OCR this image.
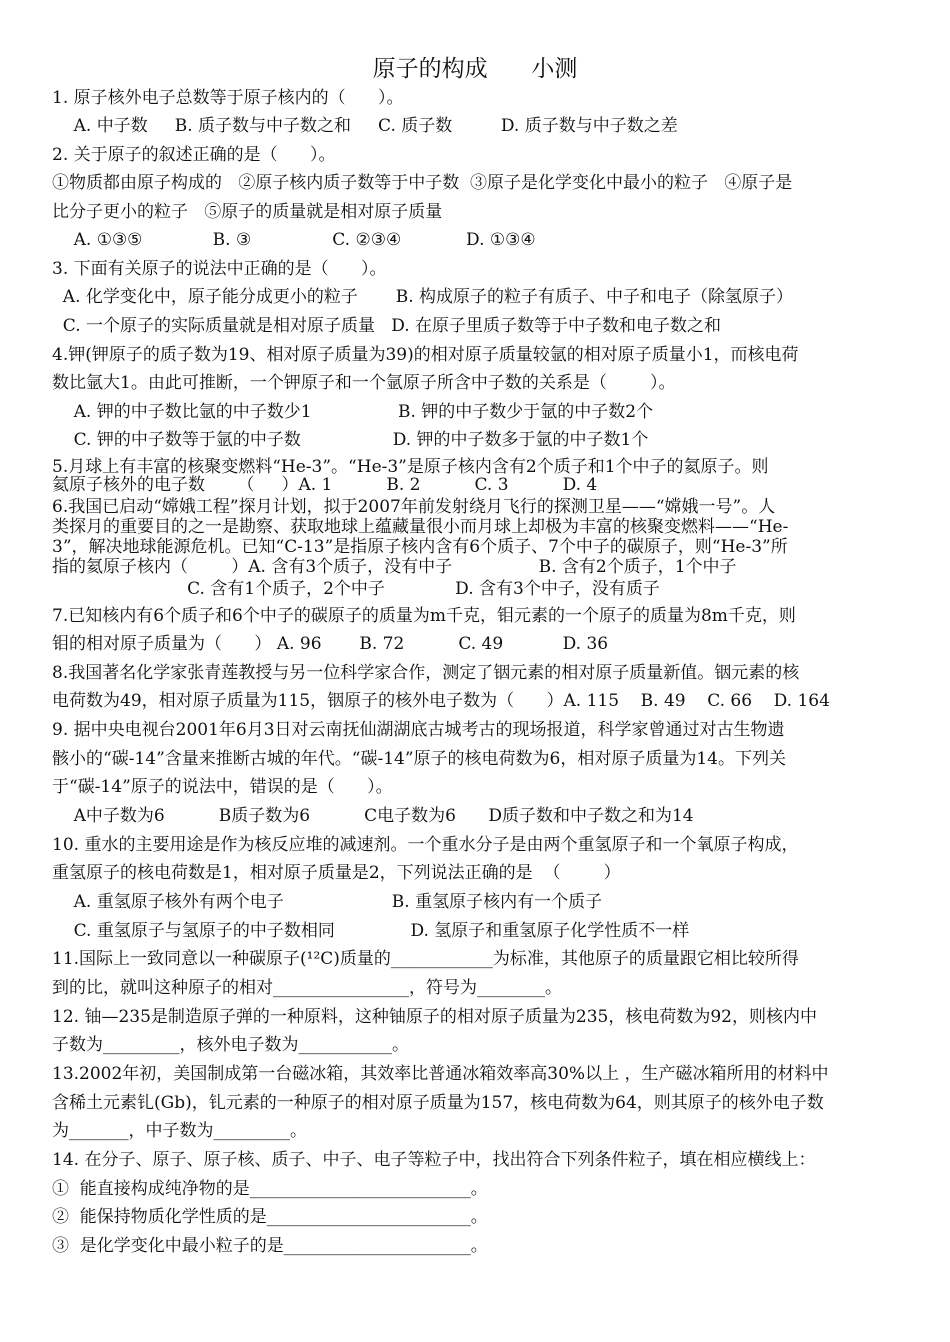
原子的构成      小测
1. 原子核外电子总数等于原子核内的（      ）。
A. 中子数     B. 质子数与中子数之和     C. 质子数         D. 质子数与中子数之差
2. 关于原子的叙述正确的是（      ）。
①物质都由原子构成的   ②原子核内质子数等于中子数  ③原子是化学变化中最小的粒子   ④原子是
比分子更小的粒子   ⑤原子的质量就是相对原子质量
A. ①③⑤             B. ③               C. ②③④            D. ①③④
3. 下面有关原子的说法中正确的是（      ）。
A. 化学变化中，原子能分成更小的粒子       B. 构成原子的粒子有质子、中子和电子（除氢原子）
C. 一个原子的实际质量就是相对原子质量   D. 在原子里质子数等于中子数和电子数之和
4.钾(钾原子的质子数为19、相对原子质量为39)的相对原子质量较氩的相对原子质量小1，而核电荷
数比氩大1。由此可推断，一个钾原子和一个氩原子所含中子数的关系是（        ）。
A. 钾的中子数比氩的中子数少1                B. 钾的中子数少于氩的中子数2个
C. 钾的中子数等于氩的中子数                 D. 钾的中子数多于氩的中子数1个
5.月球上有丰富的核聚变燃料“He-3”。“He-3”是原子核内含有2个质子和1个中子的氦原子。则
氦原子核外的电子数      （     ）A. 1          B. 2          C. 3          D. 4
6.我国已启动“嫦娥工程”探月计划，拟于2007年前发射绕月飞行的探测卫星——“嫦娥一号”。人
类探月的重要目的之一是勘察、获取地球上蕴藏量很小而月球上却极为丰富的核聚变燃料——“He-
3”，解决地球能源危机。已知“C-13”是指原子核内含有6个质子、7个中子的碳原子，则“He-3”所
指的氦原子核内（        ）A. 含有3个质子，没有中子                B. 含有2个质子，1个中子
C. 含有1个质子，2个中子             D. 含有3个中子，没有质子
7.已知核内有6个质子和6个中子的碳原子的质量为m千克，钼元素的一个原子的质量为8m千克，则
钼的相对原子质量为（      ） A. 96       B. 72          C. 49           D. 36
8.我国著名化学家张青莲教授与另一位科学家合作，测定了铟元素的相对原子质量新值。铟元素的核
电荷数为49，相对原子质量为115，铟原子的核外电子数为（      ）A. 115    B. 49    C. 66    D. 164
9. 据中央电视台2001年6月3日对云南抚仙湖湖底古城考古的现场报道，科学家曾通过对古生物遗
骸小的“碳-14”含量来推断古城的年代。“碳-14”原子的核电荷数为6，相对原子质量为14。下列关
于“碳-14”原子的说法中，错误的是（      ）。
A中子数为6          B质子数为6          C电子数为6      D质子数和中子数之和为14
10. 重水的主要用途是作为核反应堆的减速剂。一个重水分子是由两个重氢原子和一个氧原子构成，
重氢原子的核电荷数是1，相对原子质量是2，下列说法正确的是  （        ）
A. 重氢原子核外有两个电子                    B. 重氢原子核内有一个质子
C. 重氢原子与氢原子的中子数相同              D. 氢原子和重氢原子化学性质不一样
11.国际上一致同意以一种碳原子(¹²C)质量的____________为标准，其他原子的质量跟它相比较所得
到的比，就叫这种原子的相对________________，符号为________。
12. 铀—235是制造原子弹的一种原料，这种铀原子的相对原子质量为235，核电荷数为92，则核内中
子数为_________，核外电子数为___________。
13.2002年初，美国制成第一台磁冰箱，其效率比普通冰箱效率高30%以上 ，生产磁冰箱所用的材料中
含稀土元素钆(Gb)，钆元素的一种原子的相对原子质量为157，核电荷数为64，则其原子的核外电子数
为_______，中子数为_________。
14. 在分子、原子、原子核、质子、中子、电子等粒子中，找出符合下列条件粒子，填在相应横线上：
①  能直接构成纯净物的是__________________________。
②  能保持物质化学性质的是________________________。
③  是化学变化中最小粒子的是______________________。
